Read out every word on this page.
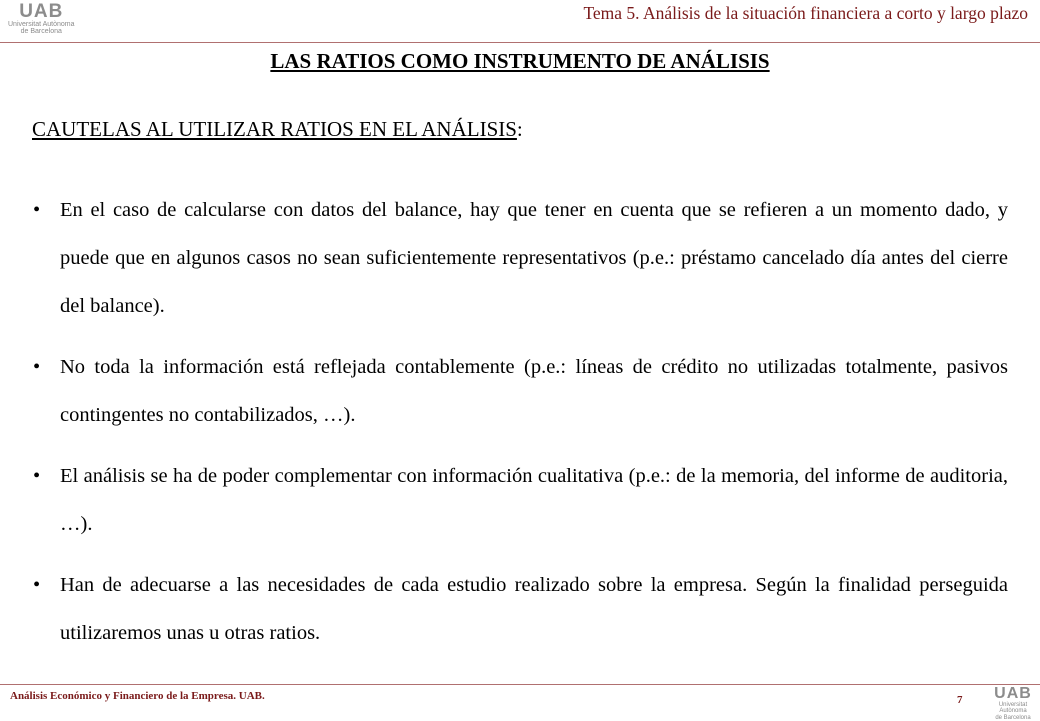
UAB
Universitat Autònoma
de Barcelona
Tema 5. Análisis de la situación financiera a corto y largo plazo
LAS RATIOS COMO INSTRUMENTO DE ANÁLISIS
CAUTELAS AL UTILIZAR RATIOS EN EL ANÁLISIS:
• En el caso de calcularse con datos del balance, hay que tener en cuenta que se refieren a un momento dado, y puede que en algunos casos no sean suficientemente representativos (p.e.: préstamo cancelado día antes del cierre del balance).
• No toda la información está reflejada contablemente (p.e.: líneas de crédito no utilizadas totalmente, pasivos contingentes no contabilizados, …).
• El análisis se ha de poder complementar con información cualitativa (p.e.: de la memoria, del informe de auditoria, …).
• Han de adecuarse a las necesidades de cada estudio realizado sobre la empresa. Según la finalidad perseguida utilizaremos unas u otras ratios.
Análisis Económico y Financiero de la Empresa. UAB.	7 UAB
Universitat Autònoma
de Barcelona
